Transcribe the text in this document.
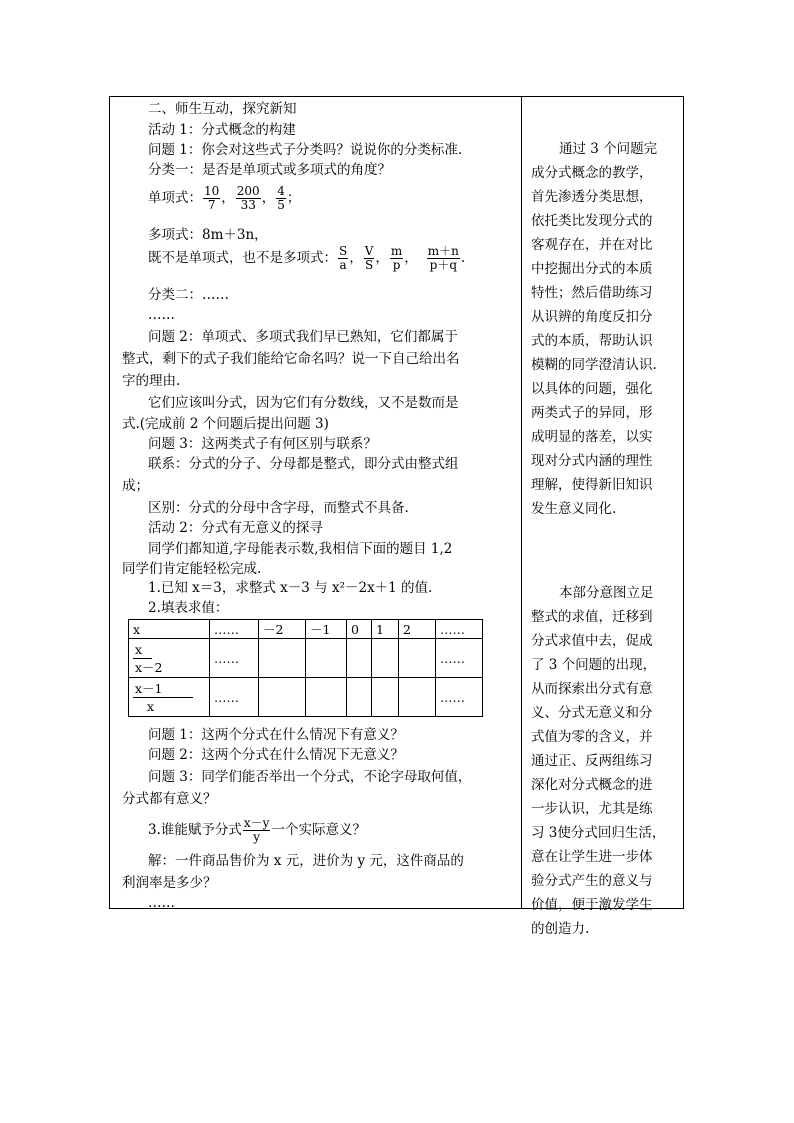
二、师生互动，探究新知
活动 1：分式概念的构建
问题 1：你会对这些式子分类吗？说说你的分类标准.
分类一：是否是单项式或多项式的角度？
单项式： $\frac{10}{7}$ ， $\frac{200}{33}$ ， $\frac{4}{5}$ ；
多项式：8m＋3n，
既不是单项式，也不是多项式： $\frac{S}{a}$ ， $\frac{V}{S}$ ， $\frac{m}{p}$ ， $\frac{m+n}{p+q}$ .
分类二：……
……
问题 2：单项式、多项式我们早已熟知，它们都属于
整式，剩下的式子我们能给它命名吗？说一下自己给出名
字的理由.
它们应该叫分式，因为它们有分数线，又不是数而是
式.(完成前 2 个问题后提出问题 3)
问题 3：这两类式子有何区别与联系？
联系：分式的分子、分母都是整式，即分式由整式组
成；
区别：分式的分母中含字母，而整式不具备.
活动 2：分式有无意义的探寻
同学们都知道,字母能表示数,我相信下面的题目 1,2
同学们肯定能轻松完成.
1.已知 x＝3，求整式 x－3 与 x²－2x＋1 的值.
2.填表求值：
x	……	－2	－1	0	1	2	……

$\frac{x}{x-2}$	……						……

$\frac{x-1}{x}$	……						……
问题 1：这两个分式在什么情况下有意义？
问题 2：这两个分式在什么情况下无意义？
问题 3：同学们能否举出一个分式，不论字母取何值，
分式都有意义？
3.谁能赋予分式 $\frac{x-y}{y}$ 一个实际意义？
解：一件商品售价为 x 元，进价为 y 元，这件商品的
利润率是多少？
……
通过 3 个问题完
成分式概念的教学，
首先渗透分类思想，
依托类比发现分式的
客观存在，并在对比
中挖掘出分式的本质
特性；然后借助练习
从识辨的角度反扣分
式的本质，帮助认识
模糊的同学澄清认识.
以具体的问题，强化
两类式子的异同，形
成明显的落差，以实
现对分式内涵的理性
理解，使得新旧知识
发生意义同化.
本部分意图立足
整式的求值，迁移到
分式求值中去，促成
了 3 个问题的出现，
从而探索出分式有意
义、分式无意义和分
式值为零的含义，并
通过正、反两组练习
深化对分式概念的进
一步认识，尤其是练
习 3使分式回归生活，
意在让学生进一步体
验分式产生的意义与
价值，便于激发学生
的创造力.
